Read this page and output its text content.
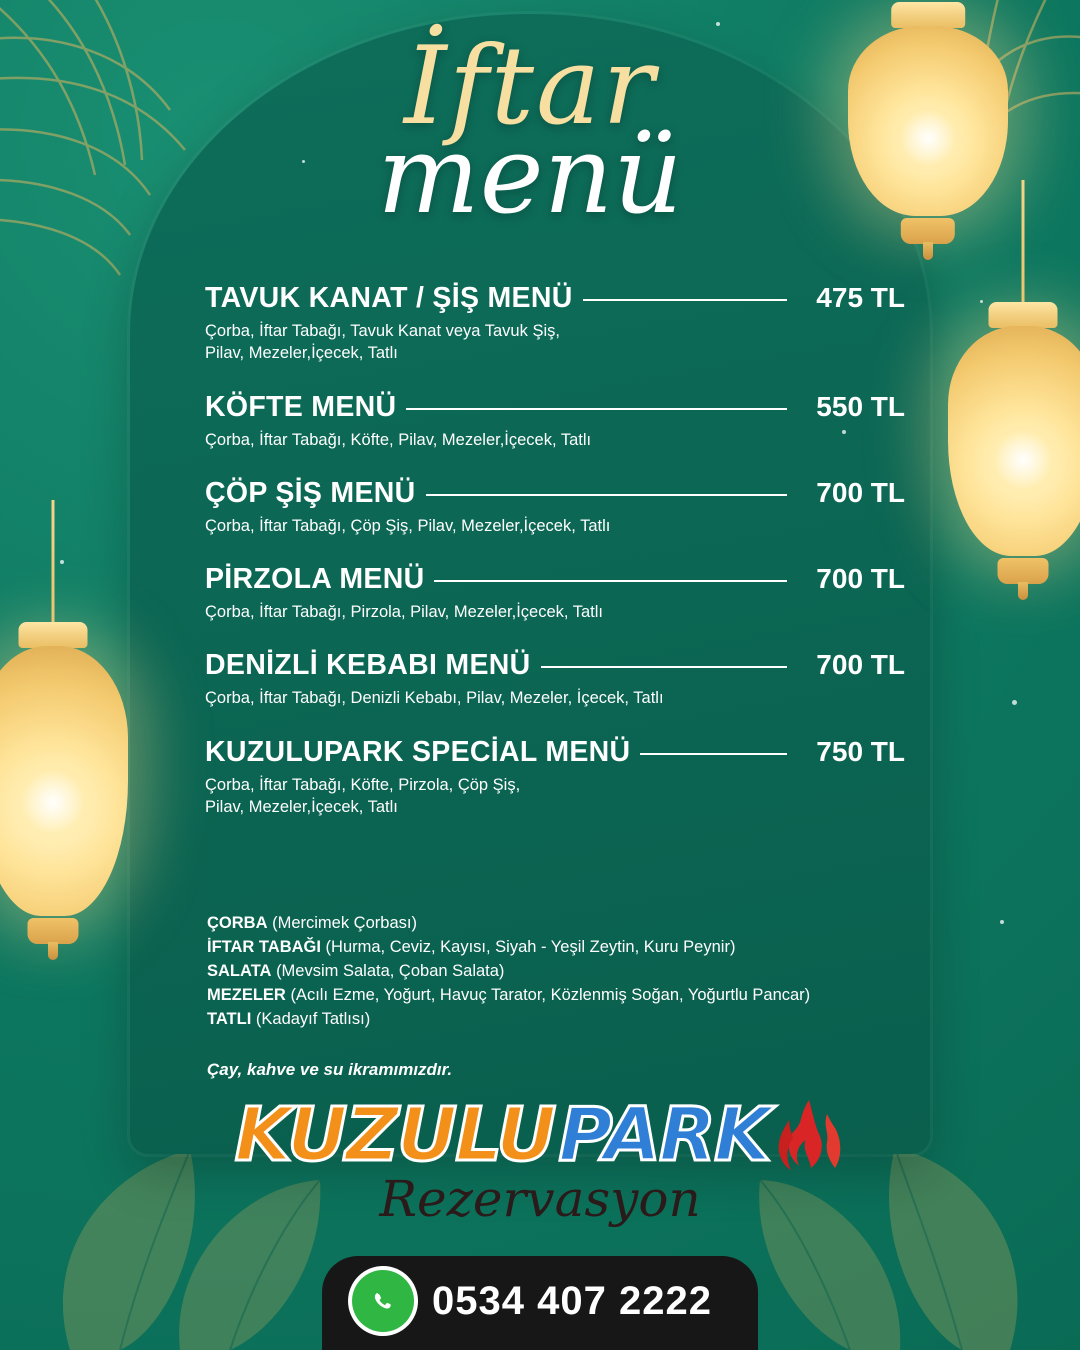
İftar
menü
TAVUK KANAT / ŞİŞ MENÜ	475 TL
Çorba, İftar Tabağı, Tavuk Kanat veya Tavuk Şiş,
Pilav, Mezeler,İçecek, Tatlı
KÖFTE MENÜ	550 TL
Çorba, İftar Tabağı, Köfte, Pilav, Mezeler,İçecek, Tatlı
ÇÖP ŞİŞ MENÜ	700 TL
Çorba, İftar Tabağı, Çöp Şiş, Pilav, Mezeler,İçecek, Tatlı
PİRZOLA MENÜ	700 TL
Çorba, İftar Tabağı, Pirzola, Pilav, Mezeler,İçecek, Tatlı
DENİZLİ KEBABI MENÜ	700 TL
Çorba, İftar Tabağı, Denizli Kebabı, Pilav, Mezeler, İçecek, Tatlı
KUZULUPARK SPECİAL MENÜ	750 TL
Çorba, İftar Tabağı, Köfte, Pirzola, Çöp Şiş,
Pilav, Mezeler,İçecek, Tatlı
ÇORBA (Mercimek Çorbası)
İFTAR TABAĞI (Hurma, Ceviz, Kayısı, Siyah - Yeşil Zeytin, Kuru Peynir)
SALATA (Mevsim Salata, Çoban Salata)
MEZELER (Acılı Ezme, Yoğurt, Havuç Tarator, Közlenmiş Soğan, Yoğurtlu Pancar)
TATLI (Kadayıf Tatlısı)
Çay, kahve ve su ikramımızdır.
KUZULU PARK
Rezervasyon
0534 407 2222
